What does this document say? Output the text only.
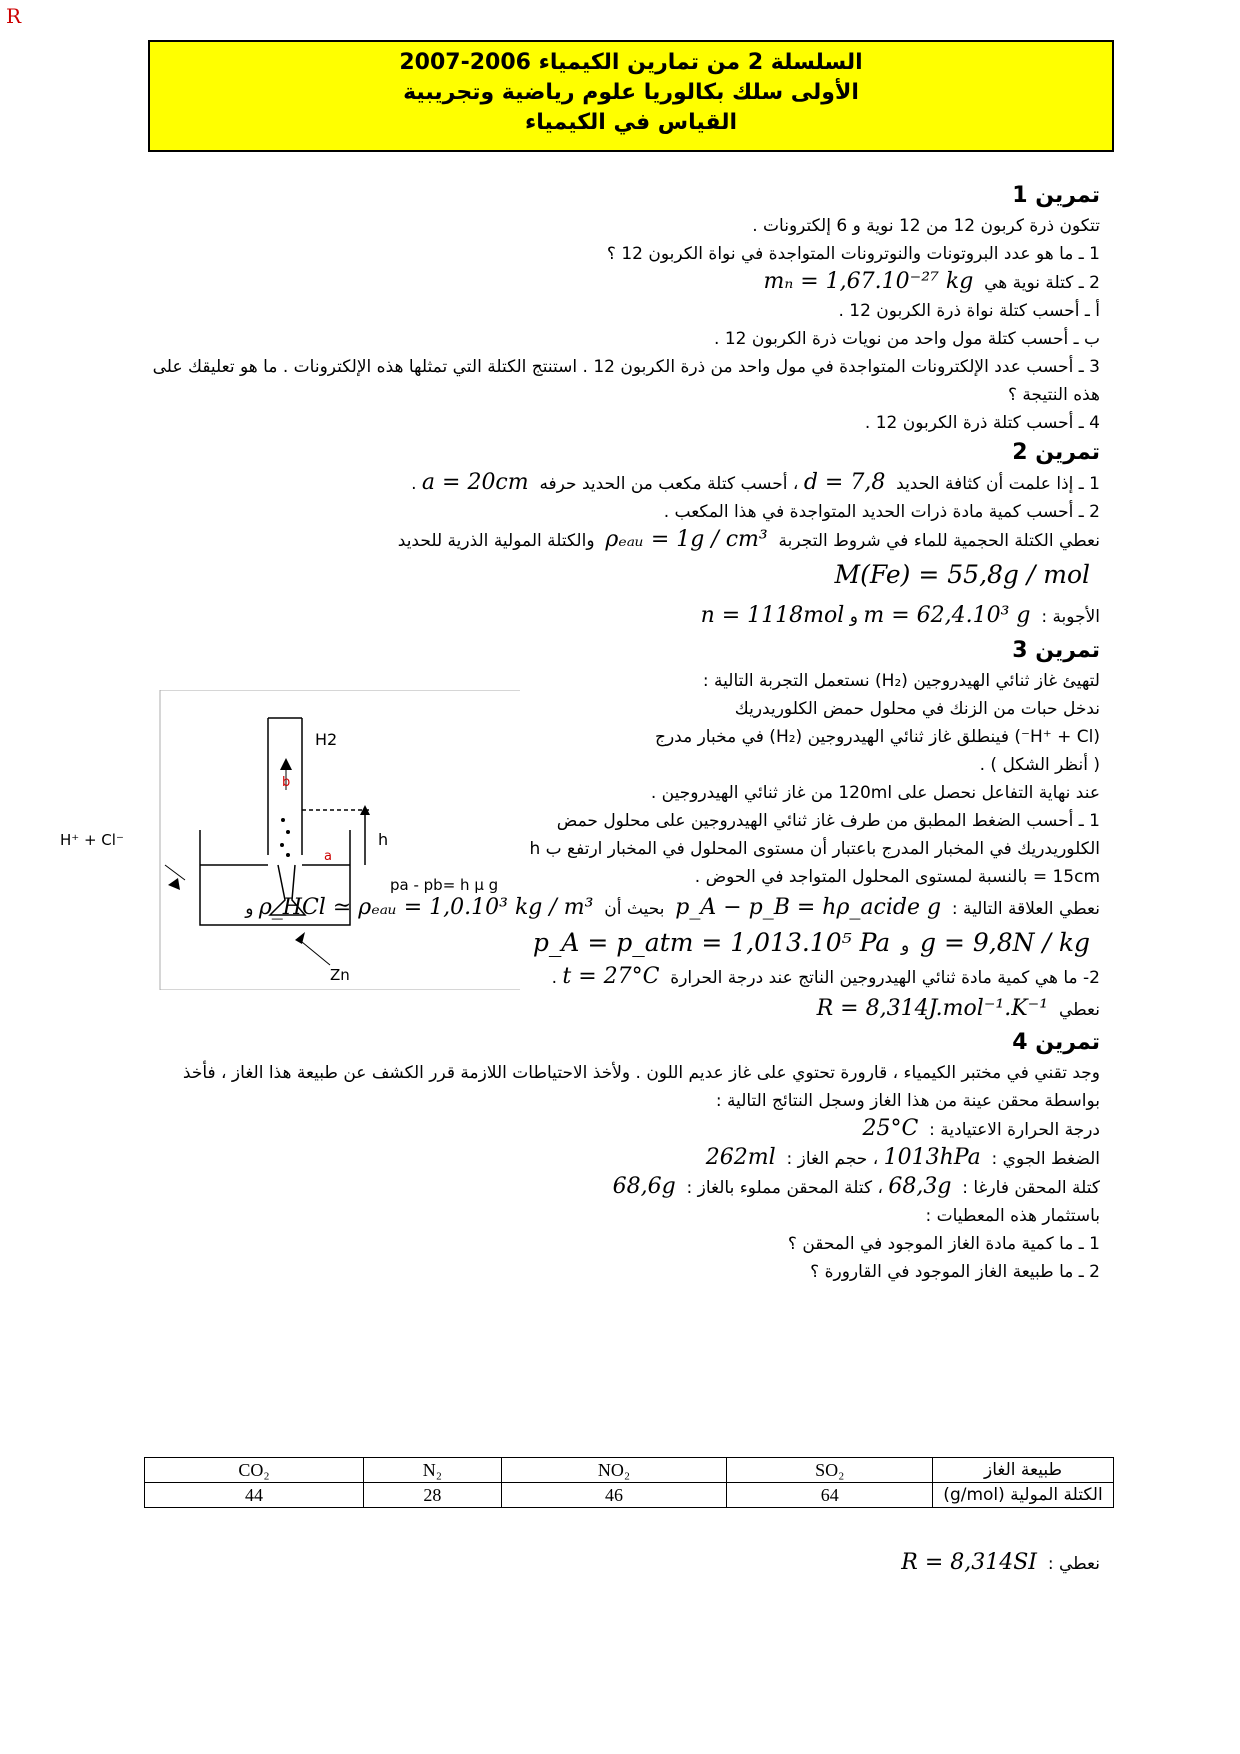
R
السلسلة 2 من تمارين الكيمياء 2006-2007
الأولى سلك بكالوريا علوم رياضية وتجريبية
القياس في الكيمياء
تمرين 1

تتكون ذرة كربون 12 من 12 نوية و 6 إلكترونات .

1 ـ ما هو عدد البروتونات والنوترونات المتواجدة في نواة الكربون 12 ؟

2 ـ كتلة نوية هي  mₙ = 1,67.10⁻²⁷ kg

أ ـ أحسب كتلة نواة ذرة الكربون 12 .

ب ـ أحسب كتلة مول واحد من نويات ذرة الكربون 12 .

3 ـ أحسب عدد الإلكترونات المتواجدة في مول واحد من ذرة الكربون 12 . استنتج الكتلة التي تمثلها هذه الإلكترونات . ما هو تعليقك على هذه النتيجة ؟

4 ـ أحسب كتلة ذرة الكربون 12 .

تمرين 2

1 ـ إذا علمت أن كثافة الحديد  d = 7,8 ، أحسب كتلة مكعب من الحديد حرفه  a = 20cm .

2 ـ أحسب كمية مادة ذرات الحديد المتواجدة في هذا المكعب .

نعطي الكتلة الحجمية للماء في شروط التجربة  ρₑₐᵤ = 1g / cm³  والكتلة المولية الذرية للحديد

M(Fe) = 55,8g / mol

الأجوبة :  m = 62,4.10³ g و n = 1118mol

تمرين 3

لتهيئ غاز ثنائي الهيدروجين (H₂) نستعمل التجربة التالية :

ندخل حبات من الزنك في محلول حمض الكلوريدريك

(H⁺ + Cl⁻) فينطلق غاز ثنائي الهيدروجين (H₂) في مخبار مدرج

( أنظر الشكل ) .

عند نهاية التفاعل نحصل على 120ml من غاز ثنائي الهيدروجين .

1 ـ أحسب الضغط المطبق من طرف غاز ثنائي الهيدروجين على محلول حمض الكلوريدريك في المخبار المدرج باعتبار أن مستوى المحلول في المخبار ارتفع ب h = 15cm بالنسبة لمستوى المحلول المتواجد في الحوض .

نعطي العلاقة التالية :  p_A − p_B = hρ_acide g  بحيث أن  ρ_HCl ≃ ρₑₐᵤ = 1,0.10³ kg / m³ و

g = 9,8N / kg  و  p_A = p_atm = 1,013.10⁵ Pa

2- ما هي كمية مادة ثنائي الهيدروجين الناتج عند درجة الحرارة  t = 27°C .

نعطي  R = 8,314J.mol⁻¹.K⁻¹

تمرين 4

وجد تقني في مختبر الكيمياء ، قارورة تحتوي على غاز عديم اللون . ولأخذ الاحتياطات اللازمة قرر الكشف عن طبيعة هذا الغاز ، فأخذ بواسطة محقن عينة من هذا الغاز وسجل النتائج التالية :

درجة الحرارة الاعتيادية :  25°C

الضغط الجوي :  1013hPa ، حجم الغاز :  262ml

كتلة المحقن فارغا :  68,3g ، كتلة المحقن مملوء بالغاز :  68,6g

باستثمار هذه المعطيات :

1 ـ ما كمية مادة الغاز الموجود في المحقن ؟

2 ـ ما طبيعة الغاز الموجود في القارورة ؟

H2
b
a
h
H⁺ + Cl⁻
pa - pb= h µ g
Zn
طبيعة الغاز	SO₂	NO₂	N₂	CO₂
الكتلة المولية (g/mol)	64	46	28	44
نعطي :  R = 8,314SI
